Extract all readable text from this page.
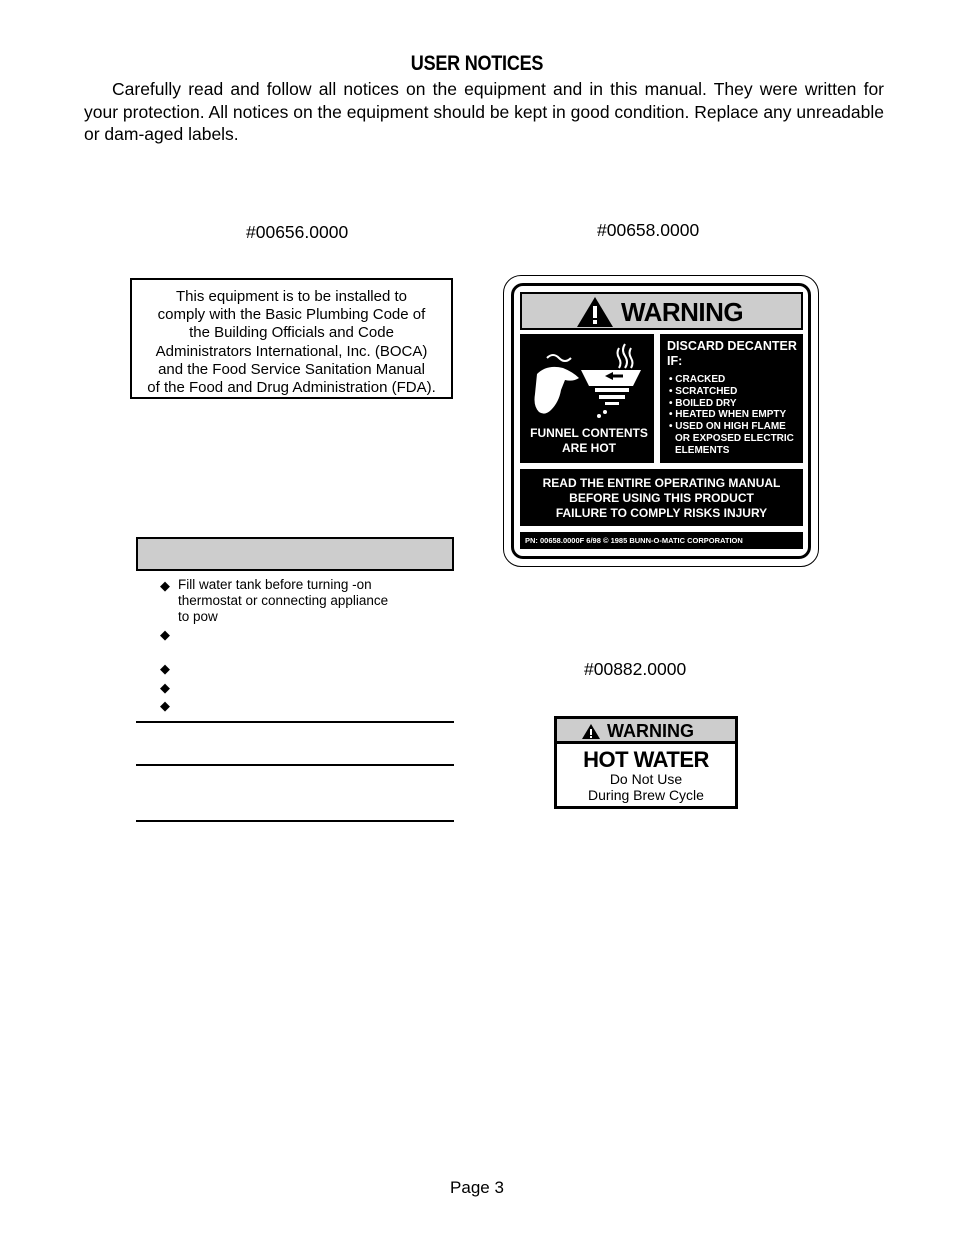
USER NOTICES
Carefully read and follow all notices on the equipment and in this manual. They were written for your protection. All notices on the equipment should be kept in good condition. Replace any unreadable or dam-aged labels.
#00656.0000	#00658.0000
#00882.0000
This equipment is to be installed to
comply with the Basic Plumbing Code of
the Building Officials and Code
Administrators International, Inc. (BOCA)
and the Food Service Sanitation Manual
of the Food and Drug Administration (FDA).
◆ Fill water tank before turning -on
thermostat or connecting appliance
to pow
◆
◆
◆
◆
WARNING
FUNNEL CONTENTS
ARE HOT
DISCARD DECANTER
IF:
• CRACKED
• SCRATCHED
• BOILED DRY
• HEATED WHEN EMPTY
• USED ON HIGH FLAME
OR EXPOSED ELECTRIC
ELEMENTS
READ THE ENTIRE OPERATING MANUAL
BEFORE USING THIS PRODUCT
FAILURE TO COMPLY RISKS INJURY
PN: 00658.0000F 6/98 © 1985 BUNN-O-MATIC CORPORATION
WARNING
HOT WATER
Do Not Use
During Brew Cycle
Page 3
